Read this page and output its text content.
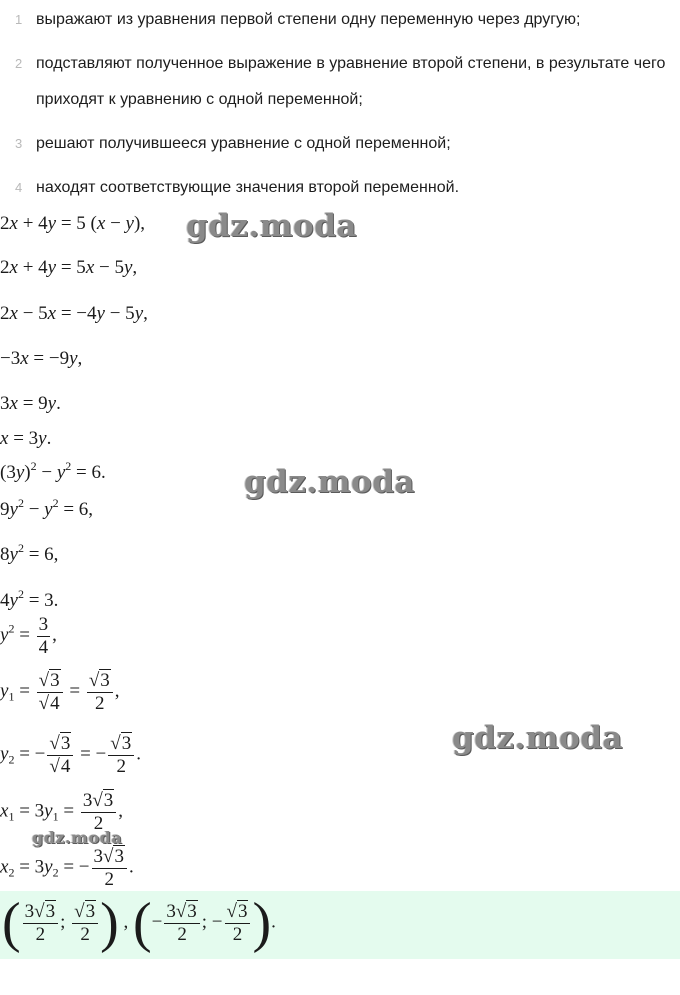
1 выражают из уравнения первой степени одну переменную через другую;
2 подставляют полученное выражение в уравнение второй степени, в результате чего приходят к уравнению с одной переменной;
3 решают получившееся уравнение с одной переменной;
4 находят соответствующие значения второй переменной.
2x + 4y = 5 (x − y),
2x + 4y = 5x − 5y,
2x − 5x = −4y − 5y,
−3x = −9y,
3x = 9y.
x = 3y.
$(3y)^2 - y^2 = 6$.
$9y^2 - y^2 = 6$,
$8y^2 = 6$,
$4y^2 = 3$.
$y^2 = \frac{3}{4}$ ,
$y_1 = \frac{√3}{√4} = \frac{√3}{2}$ ,
$y_2$ = − $\frac{√3}{√4}$ = − $\frac{√3}{2}$ .
$x_1 = 3y_1 = \frac{3√3}{2}$ ,
$x_2 = 3y_2$ = − $\frac{3√3}{2}$ .
( $\frac{3√3}{2}$ ; $\frac{√3}{2}$ ) , (− $\frac{3√3}{2}$ ; − $\frac{√3}{2}$ ).
gdz.moda
gdz.moda
gdz.moda
gdz.moda
